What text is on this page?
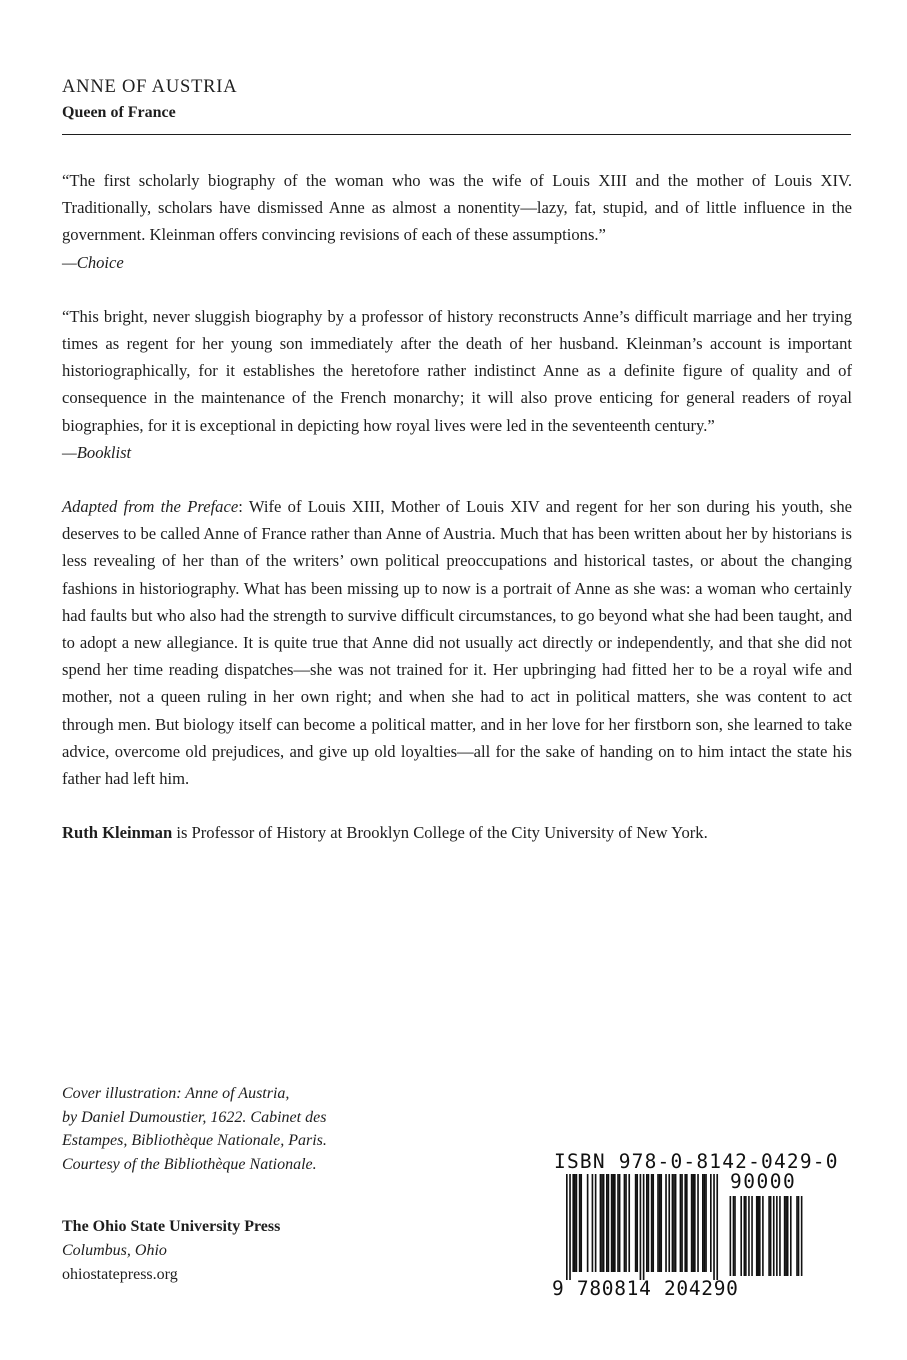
ANNE OF AUSTRIA
Queen of France

“The first scholarly biography of the woman who was the wife of Louis XIII and the mother of Louis XIV. Traditionally, scholars have dismissed Anne as almost a nonentity—lazy, fat, stupid, and of little influence in the government. Kleinman offers convincing revisions of each of these assumptions.”

—Choice

“This bright, never sluggish biography by a professor of history reconstructs Anne’s difficult marriage and her trying times as regent for her young son immediately after the death of her husband. Kleinman’s account is important historiographically, for it establishes the heretofore rather indistinct Anne as a definite figure of quality and of consequence in the maintenance of the French monarchy; it will also prove enticing for general readers of royal biographies, for it is exceptional in depicting how royal lives were led in the seventeenth century.”

—Booklist

Adapted from the Preface: Wife of Louis XIII, Mother of Louis XIV and regent for her son during his youth, she deserves to be called Anne of France rather than Anne of Austria. Much that has been written about her by historians is less revealing of her than of the writers’ own political preoccupations and historical tastes, or about the changing fashions in historiography. What has been missing up to now is a portrait of Anne as she was: a woman who certainly had faults but who also had the strength to survive difficult circumstances, to go beyond what she had been taught, and to adopt a new allegiance. It is quite true that Anne did not usually act directly or independently, and that she did not spend her time reading dispatches—she was not trained for it. Her upbringing had fitted her to be a royal wife and mother, not a queen ruling in her own right; and when she had to act in political matters, she was content to act through men. But biology itself can become a political matter, and in her love for her firstborn son, she learned to take advice, overcome old prejudices, and give up old loyalties—all for the sake of handing on to him intact the state his father had left him.

Ruth Kleinman is Professor of History at Brooklyn College of the City University of New York.

Cover illustration: Anne of Austria,
by Daniel Dumoustier, 1622. Cabinet des
Estampes, Bibliothèque Nationale, Paris.
Courtesy of the Bibliothèque Nationale.
The Ohio State University Press
Columbus, Ohio
ohiostatepress.org
ISBN 978-0-8142-0429-0
90000
9 780814 204290
